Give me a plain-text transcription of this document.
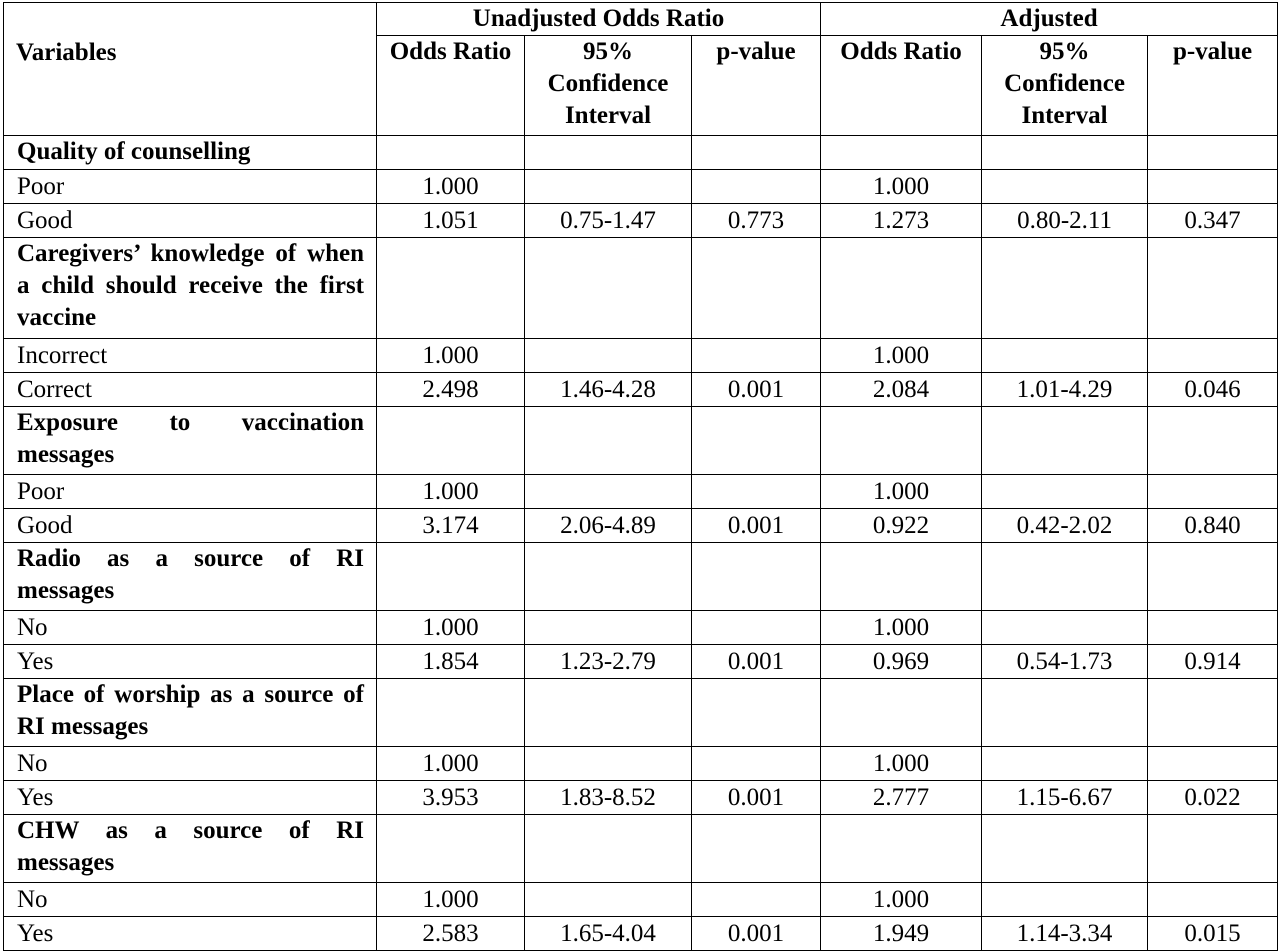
Variables	Unadjusted Odds Ratio			Adjusted		
	Odds Ratio	95% Confidence Interval	p-value	Odds Ratio	95% Confidence Interval	p-value
Quality of counselling						
Poor	1.000			1.000		
Good	1.051	0.75-1.47	0.773	1.273	0.80-2.11	0.347
Caregivers’ knowledge of when a child should receive the first vaccine						
Incorrect	1.000			1.000		
Correct	2.498	1.46-4.28	0.001	2.084	1.01-4.29	0.046
Exposure to vaccination messages						
Poor	1.000			1.000		
Good	3.174	2.06-4.89	0.001	0.922	0.42-2.02	0.840
Radio as a source of RI messages						
No	1.000			1.000		
Yes	1.854	1.23-2.79	0.001	0.969	0.54-1.73	0.914
Place of worship as a source of RI messages						
No	1.000			1.000		
Yes	3.953	1.83-8.52	0.001	2.777	1.15-6.67	0.022
CHW as a source of RI messages						
No	1.000			1.000		
Yes	2.583	1.65-4.04	0.001	1.949	1.14-3.34	0.015
